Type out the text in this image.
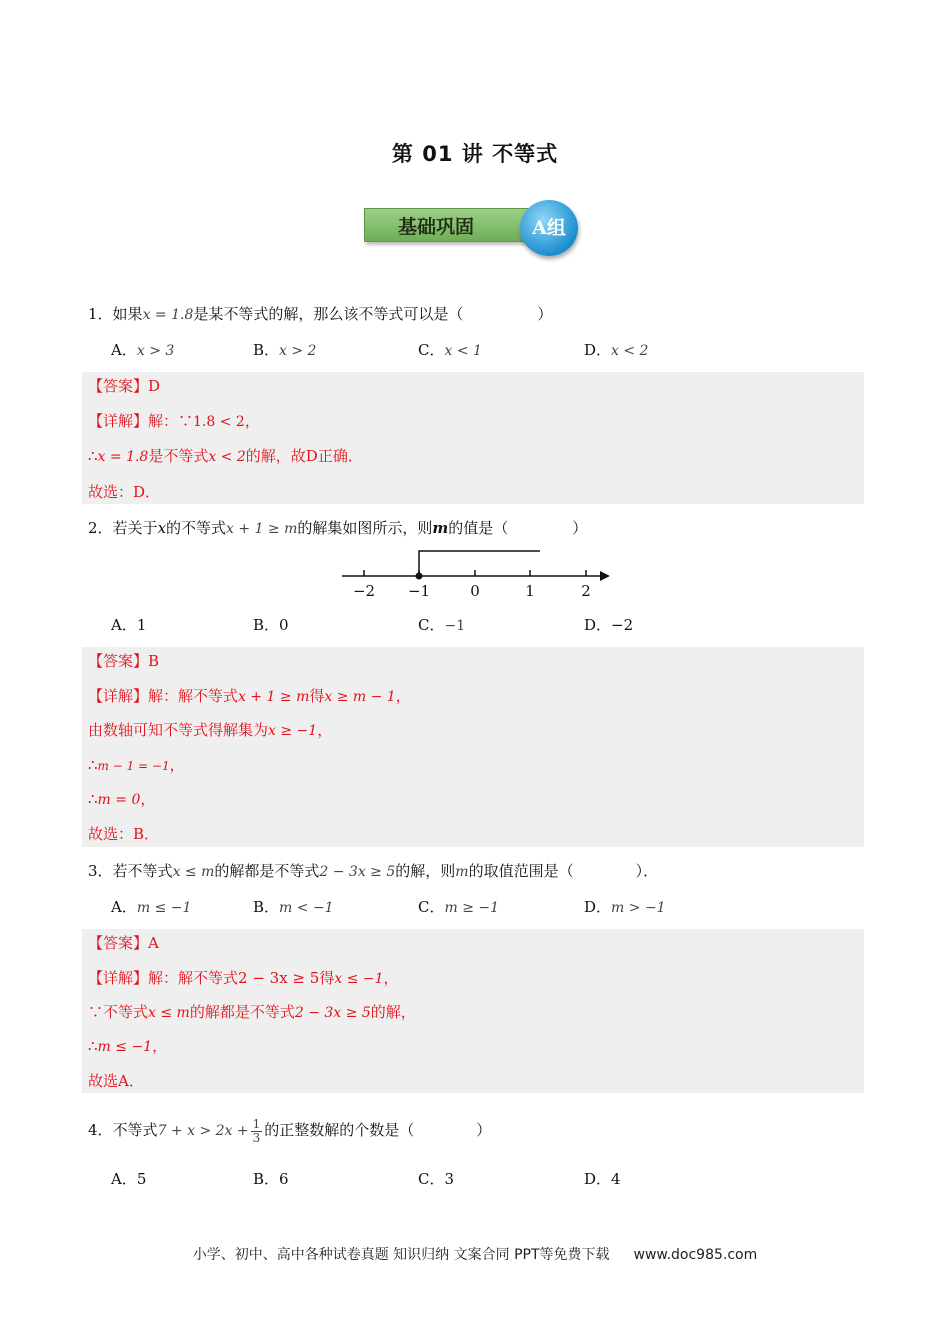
第 01 讲 不等式
基础巩固	A组
1．如果x = 1.8是某不等式的解，那么该不等式可以是（	）
A．x > 3	B．x > 2	C．x < 1	D．x < 2
【答案】D
【详解】解：∵1.8 < 2，
∴x = 1.8是不等式x < 2的解，故D正确．
故选：D．
2．若关于x的不等式x + 1 ≥ m的解集如图所示，则m的值是（	）
−2 −1	0	1	2
A．1	B．0	C．−1	D．−2
【答案】B
【详解】解：解不等式x + 1 ≥ m得x ≥ m − 1，
由数轴可知不等式得解集为x ≥ −1，
∴m − 1 = −1，
∴m = 0，
故选：B．
3．若不等式x ≤ m的解都是不等式2 − 3x ≥ 5的解，则m的取值范围是（	）．
A．m ≤ −1	B．m < −1	C．m ≥ −1	D．m > −1
【答案】A
【详解】解：解不等式2 − 3x ≥ 5得x ≤ −1，
∵不等式x ≤ m的解都是不等式2 − 3x ≥ 5的解，
∴m ≤ −1，
故选A．
4．不等式$7 + x > 2x + \frac{1}{3}$ 的正整数解的个数是（	）
A．5	B．6	C．3	D．4
小学、初中、高中各种试卷真题 知识归纳 文案合同 PPT等免费下载 www.doc985.com
